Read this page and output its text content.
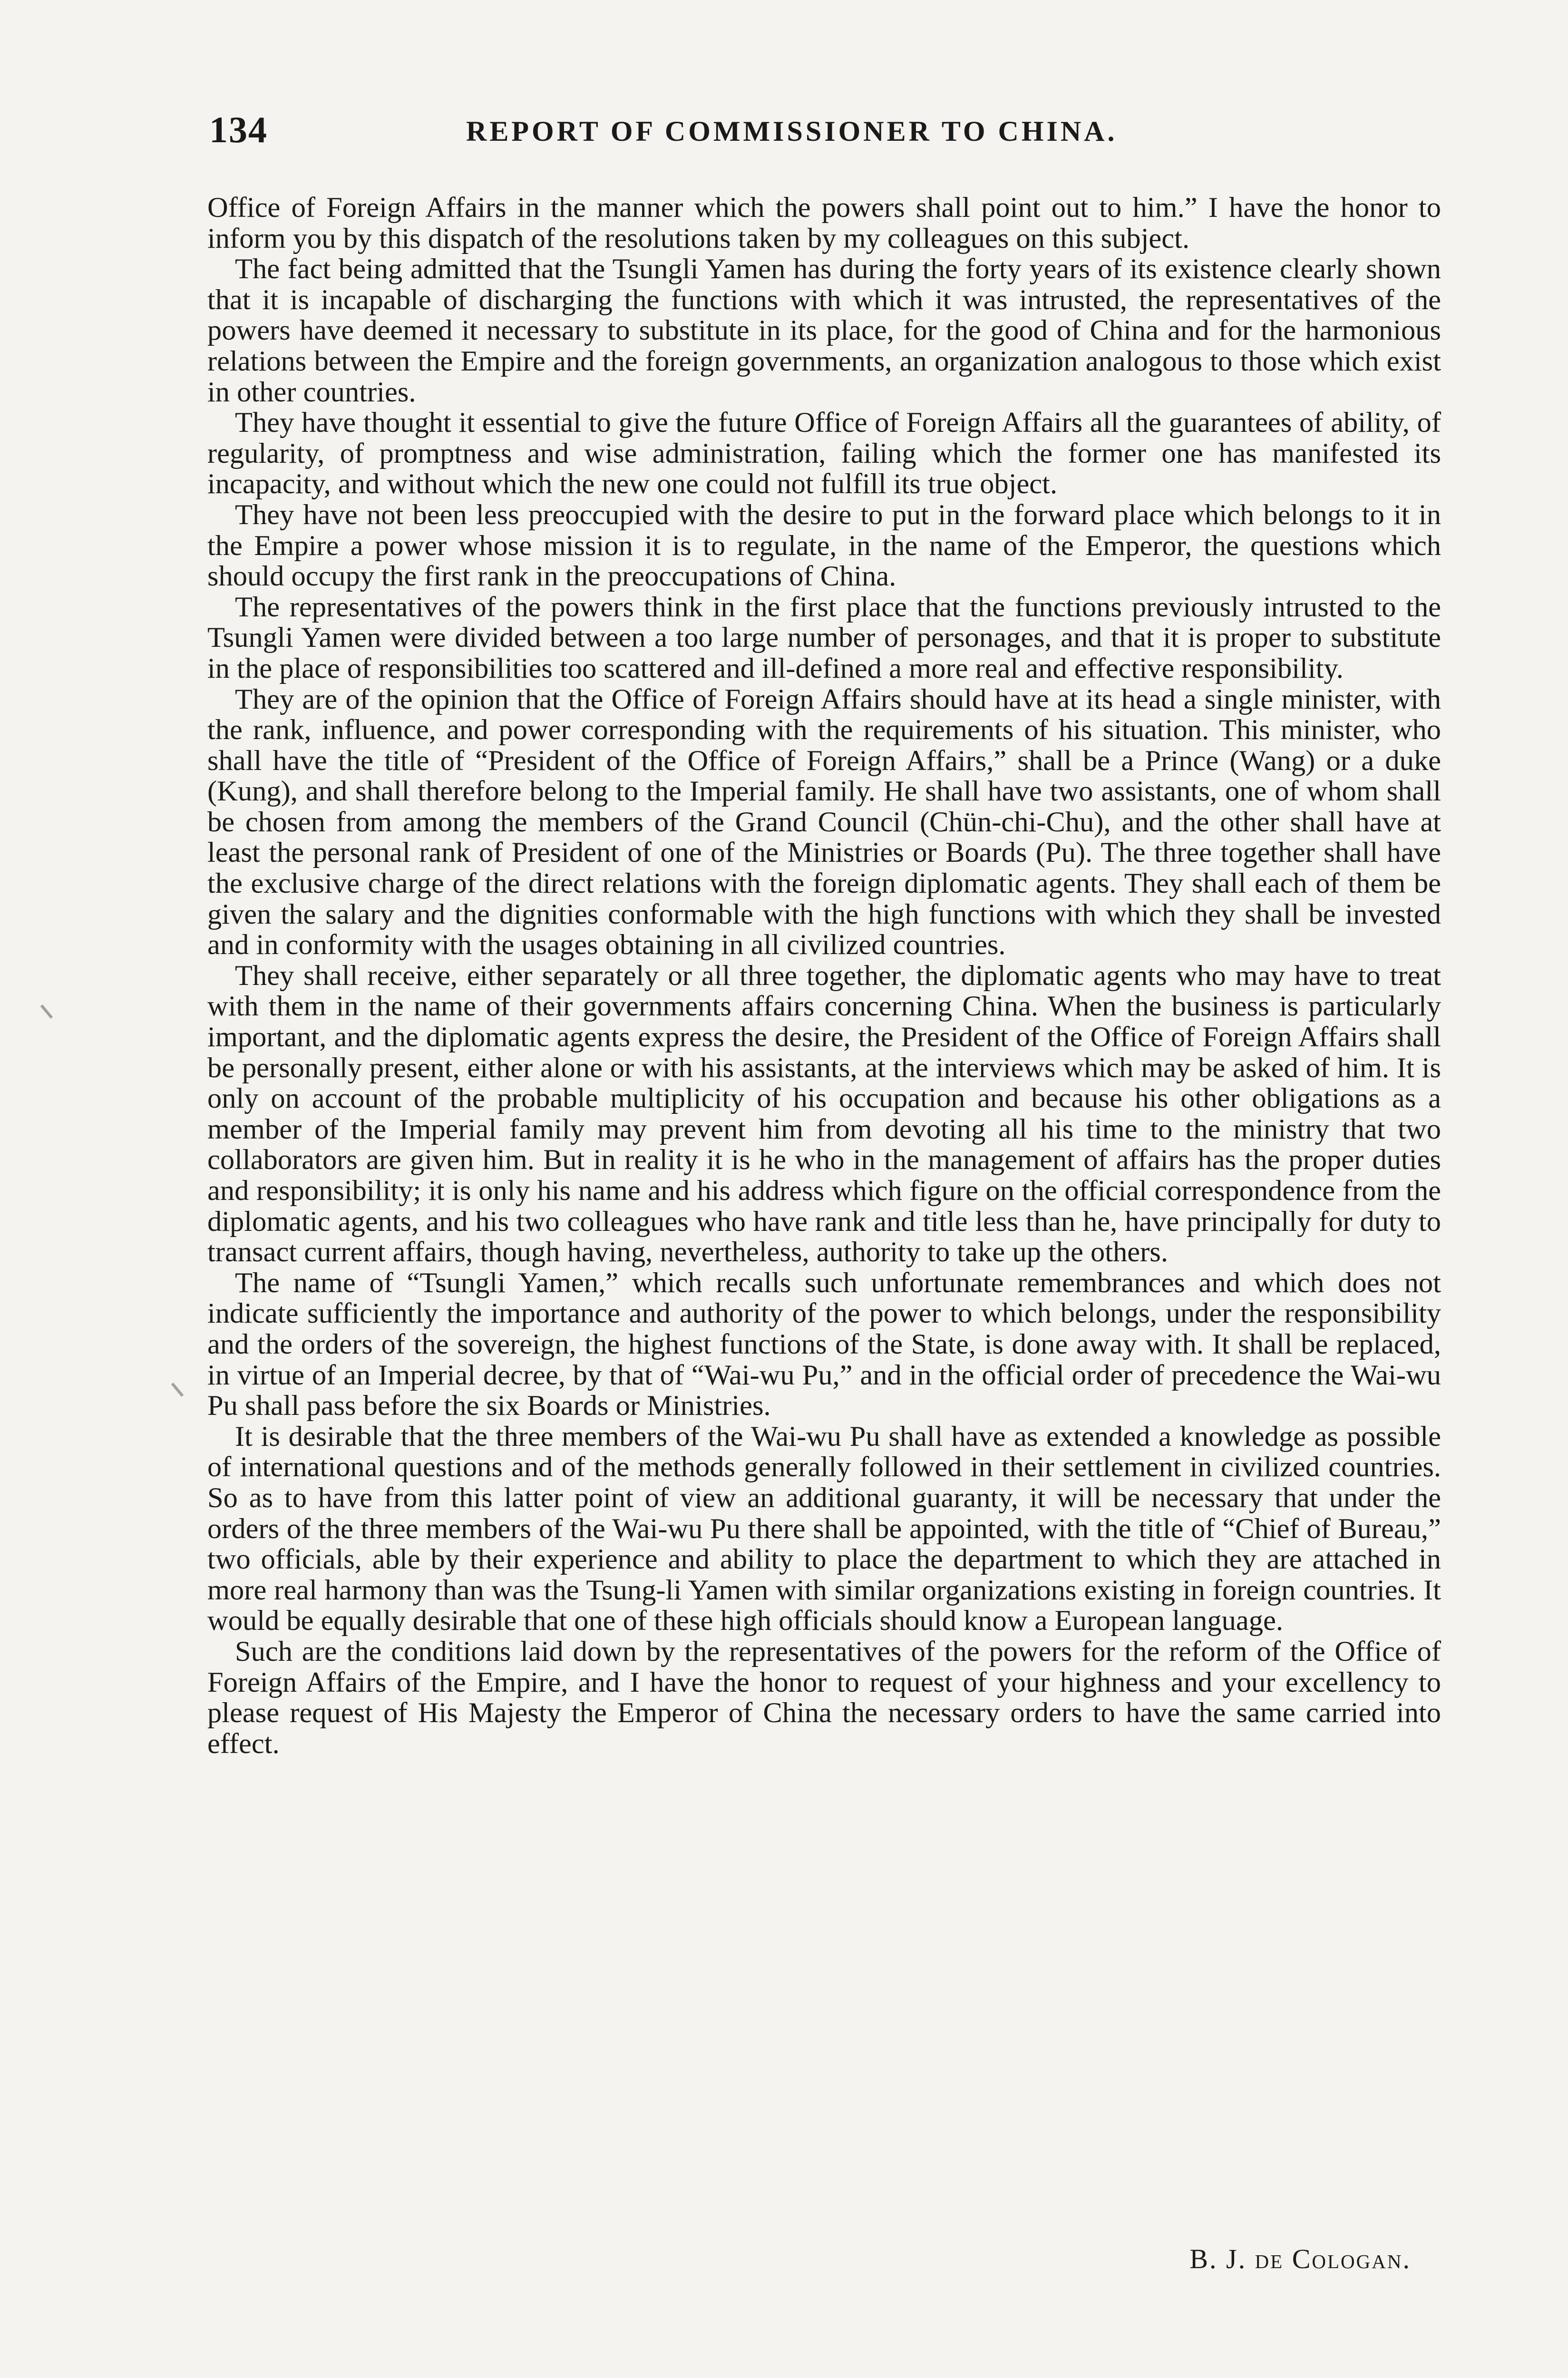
134	REPORT OF COMMISSIONER TO CHINA.

Office of Foreign Affairs in the manner which the powers shall point out to him.” I have the honor to inform you by this dispatch of the resolutions taken by my colleagues on this subject.

The fact being admitted that the Tsungli Yamen has during the forty years of its existence clearly shown that it is incapable of discharging the functions with which it was intrusted, the representatives of the powers have deemed it necessary to substitute in its place, for the good of China and for the harmonious relations between the Empire and the foreign governments, an organization analogous to those which exist in other countries.

They have thought it essential to give the future Office of Foreign Affairs all the guarantees of ability, of regularity, of promptness and wise administration, failing which the former one has manifested its incapacity, and without which the new one could not fulfill its true object.

They have not been less preoccupied with the desire to put in the forward place which belongs to it in the Empire a power whose mission it is to regulate, in the name of the Emperor, the questions which should occupy the first rank in the preoccupations of China.

The representatives of the powers think in the first place that the functions previously intrusted to the Tsungli Yamen were divided between a too large number of personages, and that it is proper to substitute in the place of responsibilities too scattered and ill-defined a more real and effective responsibility.

They are of the opinion that the Office of Foreign Affairs should have at its head a single minister, with the rank, influence, and power corresponding with the requirements of his situation. This minister, who shall have the title of “President of the Office of Foreign Affairs,” shall be a Prince (Wang) or a duke (Kung), and shall therefore belong to the Imperial family. He shall have two assistants, one of whom shall be chosen from among the members of the Grand Council (Chün-chi-Chu), and the other shall have at least the personal rank of President of one of the Ministries or Boards (Pu). The three together shall have the exclusive charge of the direct relations with the foreign diplomatic agents. They shall each of them be given the salary and the dignities conformable with the high functions with which they shall be invested and in conformity with the usages obtaining in all civilized countries.

They shall receive, either separately or all three together, the diplomatic agents who may have to treat with them in the name of their governments affairs concerning China. When the business is particularly important, and the diplomatic agents express the desire, the President of the Office of Foreign Affairs shall be personally present, either alone or with his assistants, at the interviews which may be asked of him. It is only on account of the probable multiplicity of his occupation and because his other obligations as a member of the Imperial family may prevent him from devoting all his time to the ministry that two collaborators are given him. But in reality it is he who in the management of affairs has the proper duties and responsibility; it is only his name and his address which figure on the official correspondence from the diplomatic agents, and his two colleagues who have rank and title less than he, have principally for duty to transact current affairs, though having, nevertheless, authority to take up the others.

The name of “Tsungli Yamen,” which recalls such unfortunate remembrances and which does not indicate sufficiently the importance and authority of the power to which belongs, under the responsibility and the orders of the sovereign, the highest functions of the State, is done away with. It shall be replaced, in virtue of an Imperial decree, by that of “Wai-wu Pu,” and in the official order of precedence the Wai-wu Pu shall pass before the six Boards or Ministries.

It is desirable that the three members of the Wai-wu Pu shall have as extended a knowledge as possible of international questions and of the methods generally followed in their settlement in civilized countries. So as to have from this latter point of view an additional guaranty, it will be necessary that under the orders of the three members of the Wai-wu Pu there shall be appointed, with the title of “Chief of Bureau,” two officials, able by their experience and ability to place the department to which they are attached in more real harmony than was the Tsung-li Yamen with similar organizations existing in foreign countries. It would be equally desirable that one of these high officials should know a European language.

Such are the conditions laid down by the representatives of the powers for the reform of the Office of Foreign Affairs of the Empire, and I have the honor to request of your highness and your excellency to please request of His Majesty the Emperor of China the necessary orders to have the same carried into effect.

B. J. de Cologan.
